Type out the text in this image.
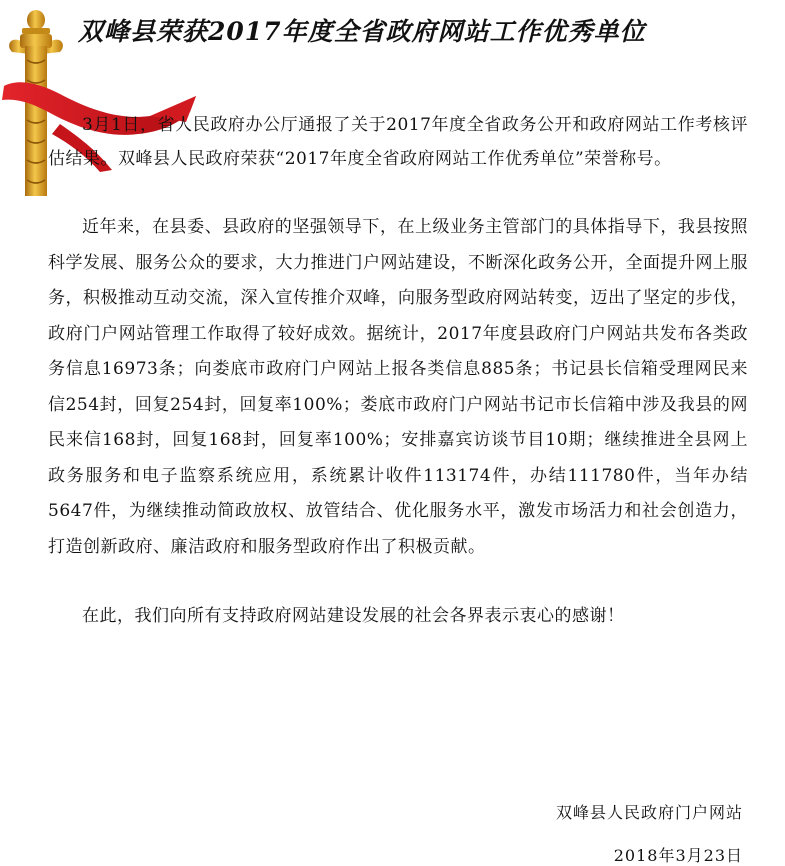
双峰县荣获2017年度全省政府网站工作优秀单位

3月1日，省人民政府办公厅通报了关于2017年度全省政务公开和政府网站工作考核评估结果。双峰县人民政府荣获“2017年度全省政府网站工作优秀单位”荣誉称号。

近年来，在县委、县政府的坚强领导下，在上级业务主管部门的具体指导下，我县按照科学发展、服务公众的要求，大力推进门户网站建设，不断深化政务公开，全面提升网上服务，积极推动互动交流，深入宣传推介双峰，向服务型政府网站转变，迈出了坚定的步伐，政府门户网站管理工作取得了较好成效。据统计，2017年度县政府门户网站共发布各类政务信息16973条；向娄底市政府门户网站上报各类信息885条；书记县长信箱受理网民来信254封，回复254封，回复率100%；娄底市政府门户网站书记市长信箱中涉及我县的网民来信168封，回复168封，回复率100%；安排嘉宾访谈节目10期；继续推进全县网上政务服务和电子监察系统应用，系统累计收件113174件，办结111780件，当年办结5647件，为继续推动简政放权、放管结合、优化服务水平，激发市场活力和社会创造力，打造创新政府、廉洁政府和服务型政府作出了积极贡献。

在此，我们向所有支持政府网站建设发展的社会各界表示衷心的感谢！

双峰县人民政府门户网站

2018年3月23日
